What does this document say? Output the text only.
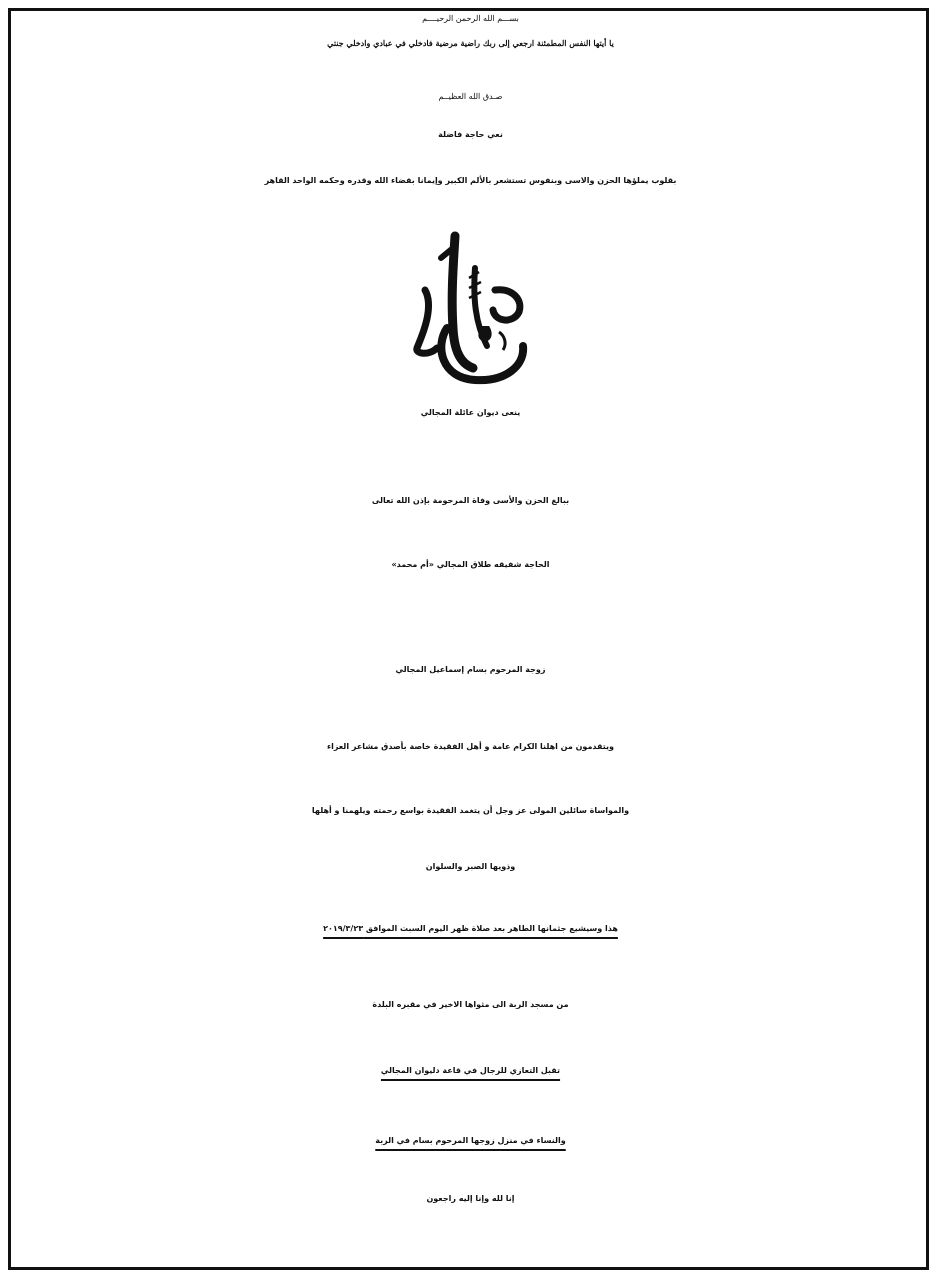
بســـم الله الرحمن الرحيــــم
يا أيتها النفس المطمئنة ارجعي إلى ربك راضية مرضية فادخلي في عبادي وادخلي جنتي
صـدق الله العظيــم
نعي حاجة فاضلة
بقلوب يملؤها الحزن والاسى وبنفوس تستشعر بالألم الكبير وإيمانا بقضاء الله وقدره وحكمه الواحد القاهر
ينعى ديوان عائلة المجالي
ببالغ الحزن والأسى وفاة المرحومة بإذن الله تعالى
الحاجة شفيقه طلاق المجالي «أم محمد»
زوجة المرحوم بسام إسماعيل المجالي
ويتقدمون من اهلنا الكرام عامة و أهل الفقيدة خاصة بأصدق مشاعر العزاء
والمواساة سائلين المولى عز وجل أن يتغمد الفقيدة بواسع رحمته ويلهمنا و أهلها
وذويها الصبر والسلوان
هذا وسيشيع جثمانها الطاهر بعد صلاة ظهر اليوم السبت الموافق ٢٠١٩/٣/٢٣
من مسجد الربة الى مثواها الاخير في مقبره البلدة
تقبل التعازي للرجال في قاعة دليوان المجالي
والنساء في منزل زوجها المرحوم بسام في الربة
إنا لله وإنا إليه راجعون
